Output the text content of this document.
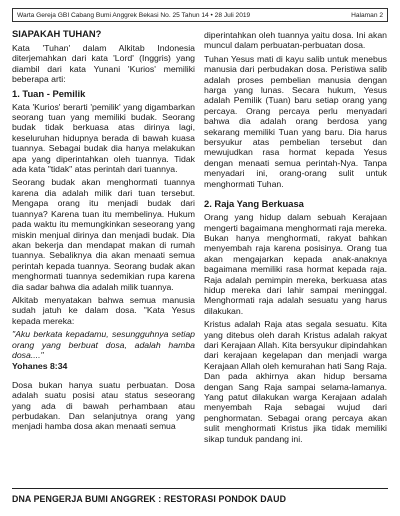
Warta Gereja GBI Cabang Bumi Anggrek Bekasi No. 25 Tahun 14 • 28 Juli 2019	Halaman 2
SIAPAKAH TUHAN?

Kata 'Tuhan' dalam Alkitab Indonesia diterjemahkan dari kata 'Lord' (Inggris) yang diambil dari kata Yunani 'Kurios' memiliki beberapa arti:

1. Tuan - Pemilik

Kata 'Kurios' berarti 'pemilik' yang digambarkan seorang tuan yang memiliki budak. Seorang budak tidak berkuasa atas dirinya lagi, keseluruhan hidupnya berada di bawah kuasa tuannya. Sebagai budak dia hanya melakukan apa yang diperintahkan oleh tuannya. Tidak ada kata "tidak" atas perintah dari tuannya.

Seorang budak akan menghormati tuannya karena dia adalah milik dari tuan tersebut. Mengapa orang itu menjadi budak dari tuannya? Karena tuan itu membelinya. Hukum pada waktu itu memungkinkan seseorang yang miskin menjual dirinya dan menjadi budak. Dia akan bekerja dan mendapat makan di rumah tuannya. Sebaliknya dia akan menaati semua perintah kepada tuannya. Seorang budak akan menghormati tuannya sedemikian rupa karena dia sadar bahwa dia adalah milik tuannya.

Alkitab menyatakan bahwa semua manusia sudah jatuh ke dalam dosa. "Kata Yesus kepada mereka:

"Aku berkata kepadamu, sesungguhnya setiap orang yang berbuat dosa, adalah hamba dosa...."

Yohanes 8:34

Dosa bukan hanya suatu perbuatan. Dosa adalah suatu posisi atau status seseorang yang ada di bawah perhambaan atau perbudakan. Dan selanjutnya orang yang menjadi hamba dosa akan menaati semua

diperintahkan oleh tuannya yaitu dosa. Ini akan muncul dalam perbuatan-perbuatan dosa.

Tuhan Yesus mati di kayu salib untuk menebus manusia dari perbudakan dosa. Peristiwa salib adalah proses pembelian manusia dengan harga yang lunas. Secara hukum, Yesus adalah Pemilik (Tuan) baru setiap orang yang percaya. Orang percaya perlu menyadari bahwa dia adalah orang berdosa yang sekarang memiliki Tuan yang baru. Dia harus bersyukur atas pembelian tersebut dan mewujudkan rasa hormat kepada Yesus dengan menaati semua perintah-Nya. Tanpa menyadari ini, orang-orang sulit untuk menghormati Tuhan.

2. Raja Yang Berkuasa

Orang yang hidup dalam sebuah Kerajaan mengerti bagaimana menghormati raja mereka. Bukan hanya menghormati, rakyat bahkan menyembah raja karena posisinya. Orang tua akan mengajarkan kepada anak-anaknya bagaimana memiliki rasa hormat kepada raja. Raja adalah pemimpin mereka, berkuasa atas hidup mereka dari lahir sampai meninggal. Menghormati raja adalah sesuatu yang harus dilakukan.

Kristus adalah Raja atas segala sesuatu. Kita yang ditebus oleh darah Kristus adalah rakyat dari Kerajaan Allah. Kita bersyukur dipindahkan dari kerajaan kegelapan dan menjadi warga Kerajaan Allah oleh kemurahan hati Sang Raja. Dan pada akhirnya akan hidup bersama dengan Sang Raja sampai selama-lamanya. Yang patut dilakukan warga Kerajaan adalah menyembah Raja sebagai wujud dari penghormatan. Sebagai orang percaya akan sulit menghormati Kristus jika tidak memiliki sikap tunduk pandang ini.

DNA PENGERJA BUMI ANGGREK : RESTORASI PONDOK DAUD
